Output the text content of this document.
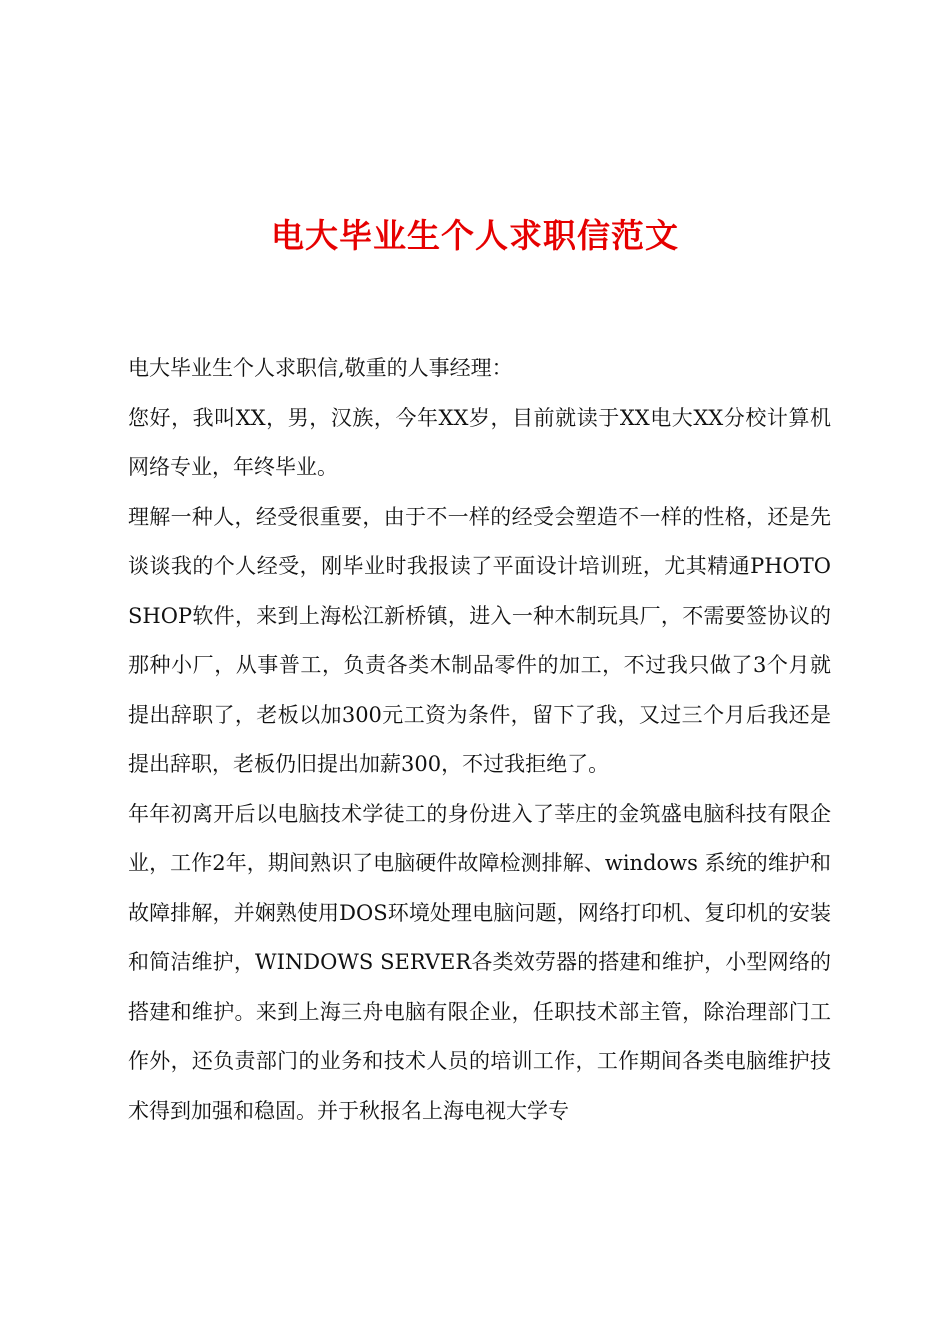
电大毕业生个人求职信范文

电大毕业生个人求职信,敬重的人事经理：

您好，我叫XX，男，汉族，今年XX岁，目前就读于XX电大XX分校计算机网络专业，年终毕业。

理解一种人，经受很重要，由于不一样的经受会塑造不一样的性格，还是先谈谈我的个人经受，刚毕业时我报读了平面设计培训班，尤其精通PHOTOSHOP软件，来到上海松江新桥镇，进入一种木制玩具厂，不需要签协议的那种小厂，从事普工，负责各类木制品零件的加工，不过我只做了3个月就提出辞职了，老板以加300元工资为条件，留下了我，又过三个月后我还是提出辞职，老板仍旧提出加薪300，不过我拒绝了。

年年初离开后以电脑技术学徒工的身份进入了莘庄的金筑盛电脑科技有限企业，工作2年，期间熟识了电脑硬件故障检测排解、windows 系统的维护和故障排解，并娴熟使用DOS环境处理电脑问题，网络打印机、复印机的安装和简洁维护，WINDOWS SERVER各类效劳器的搭建和维护，小型网络的搭建和维护。来到上海三舟电脑有限企业，任职技术部主管，除治理部门工作外，还负责部门的业务和技术人员的培训工作，工作期间各类电脑维护技术得到加强和稳固。并于秋报名上海电视大学专
